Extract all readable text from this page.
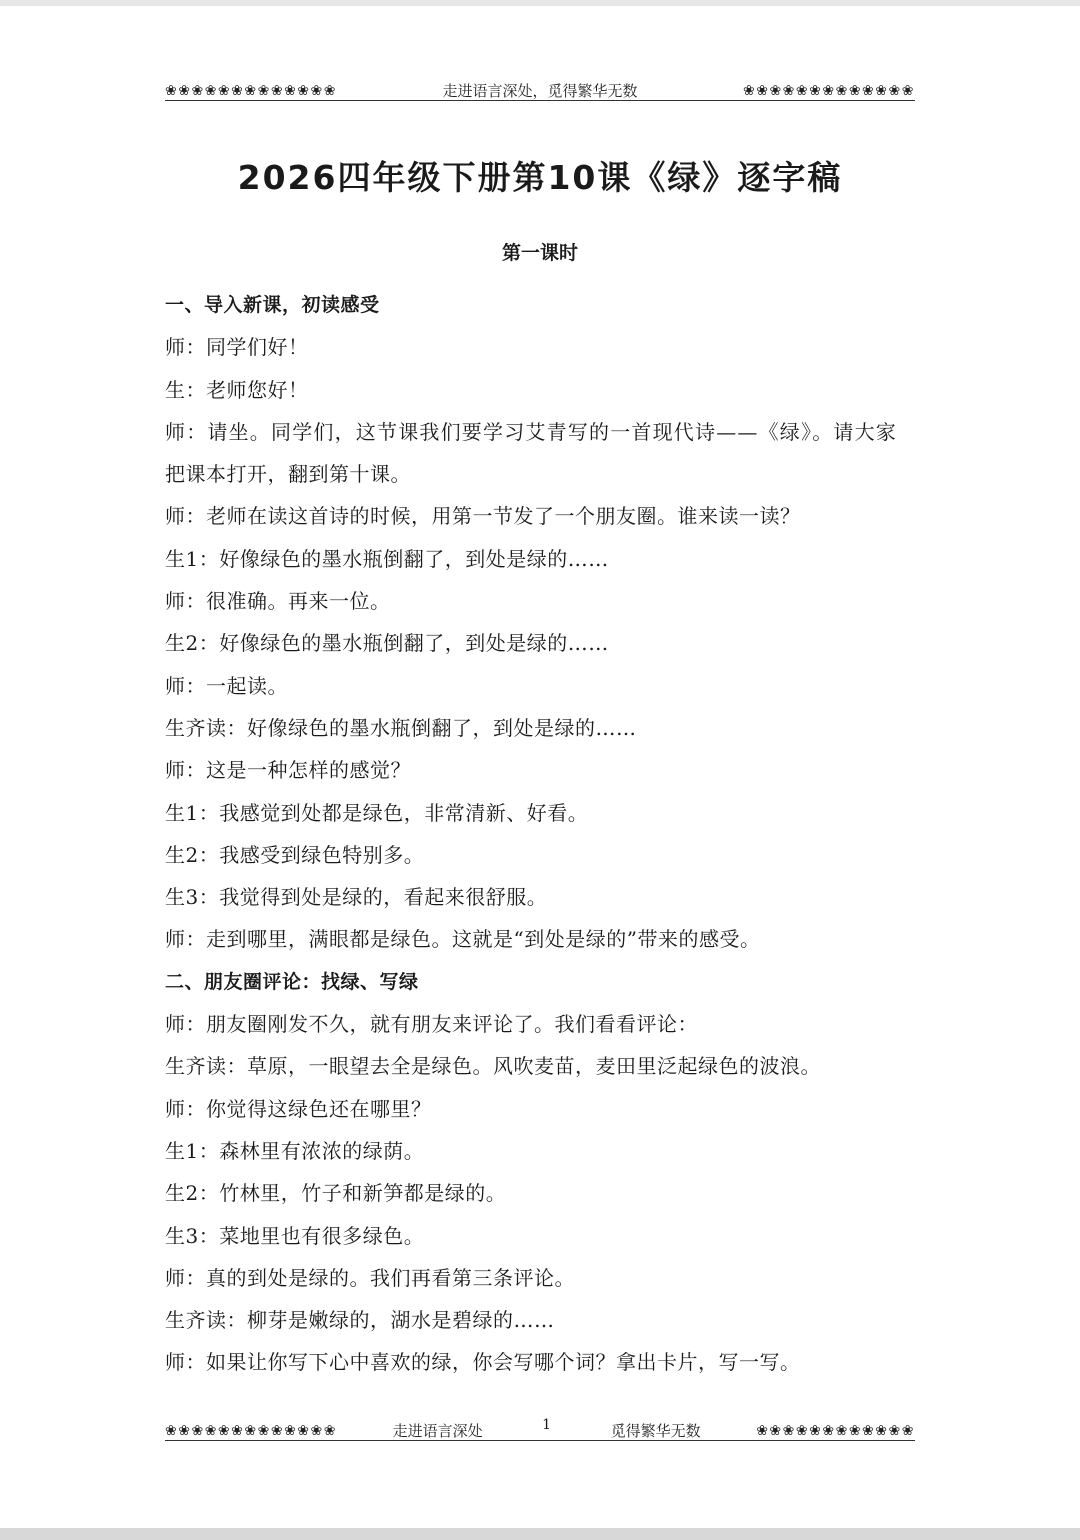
❀❀❀❀❀❀❀❀❀❀❀❀❀	走进语言深处，觅得繁华无数	❀❀❀❀❀❀❀❀❀❀❀❀❀
2026四年级下册第10课《绿》逐字稿
第一课时
一、导入新课，初读感受
师：同学们好！
生：老师您好！
师：请坐。同学们，这节课我们要学习艾青写的一首现代诗——《绿》。请大家
把课本打开，翻到第十课。
师：老师在读这首诗的时候，用第一节发了一个朋友圈。谁来读一读？
生1：好像绿色的墨水瓶倒翻了，到处是绿的……
师：很准确。再来一位。
生2：好像绿色的墨水瓶倒翻了，到处是绿的……
师：一起读。
生齐读：好像绿色的墨水瓶倒翻了，到处是绿的……
师：这是一种怎样的感觉？
生1：我感觉到处都是绿色，非常清新、好看。
生2：我感受到绿色特别多。
生3：我觉得到处是绿的，看起来很舒服。
师：走到哪里，满眼都是绿色。这就是“到处是绿的”带来的感受。
二、朋友圈评论：找绿、写绿
师：朋友圈刚发不久，就有朋友来评论了。我们看看评论：
生齐读：草原，一眼望去全是绿色。风吹麦苗，麦田里泛起绿色的波浪。
师：你觉得这绿色还在哪里？
生1：森林里有浓浓的绿荫。
生2：竹林里，竹子和新笋都是绿的。
生3：菜地里也有很多绿色。
师：真的到处是绿的。我们再看第三条评论。
生齐读：柳芽是嫩绿的，湖水是碧绿的……
师：如果让你写下心中喜欢的绿，你会写哪个词？拿出卡片，写一写。
❀❀❀❀❀❀❀❀❀❀❀❀❀	走进语言深处	1	觅得繁华无数	❀❀❀❀❀❀❀❀❀❀❀❀
